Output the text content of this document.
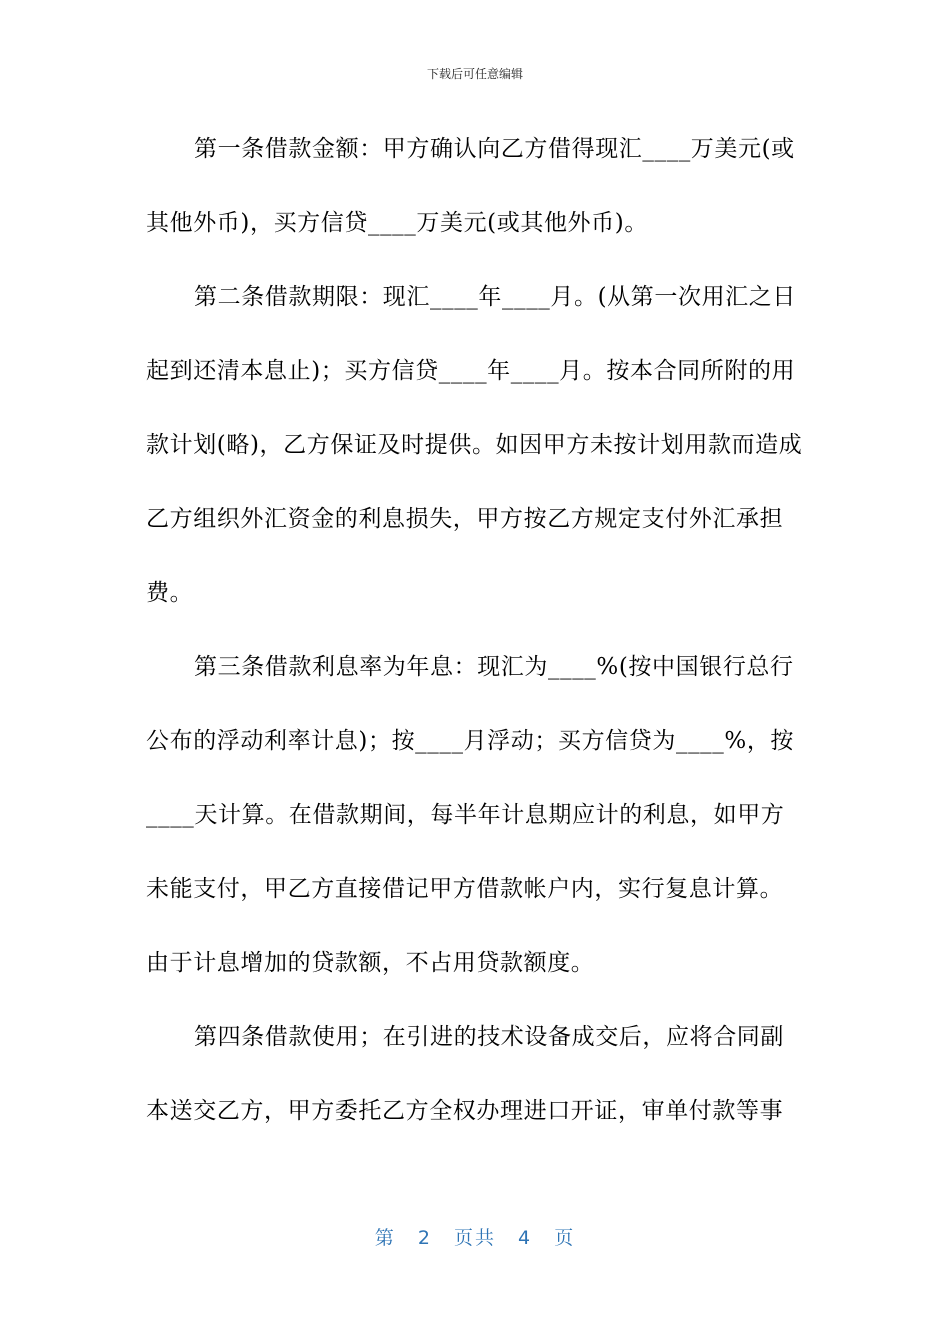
下载后可任意编辑

第一条借款金额：甲方确认向乙方借得现汇____万美元(或其他外币)，买方信贷____万美元(或其他外币)。

第二条借款期限：现汇____年____月。(从第一次用汇之日起到还清本息止)；买方信贷____年____月。按本合同所附的用款计划(略)，乙方保证及时提供。如因甲方未按计划用款而造成乙方组织外汇资金的利息损失，甲方按乙方规定支付外汇承担费。

第三条借款利息率为年息：现汇为____%(按中国银行总行公布的浮动利率计息)；按____月浮动；买方信贷为____%，按____天计算。在借款期间，每半年计息期应计的利息，如甲方未能支付，甲乙方直接借记甲方借款帐户内，实行复息计算。由于计息增加的贷款额，不占用贷款额度。

第四条借款使用；在引进的技术设备成交后，应将合同副本送交乙方，甲方委托乙方全权办理进口开证，审单付款等事

第 2 页共 4 页
